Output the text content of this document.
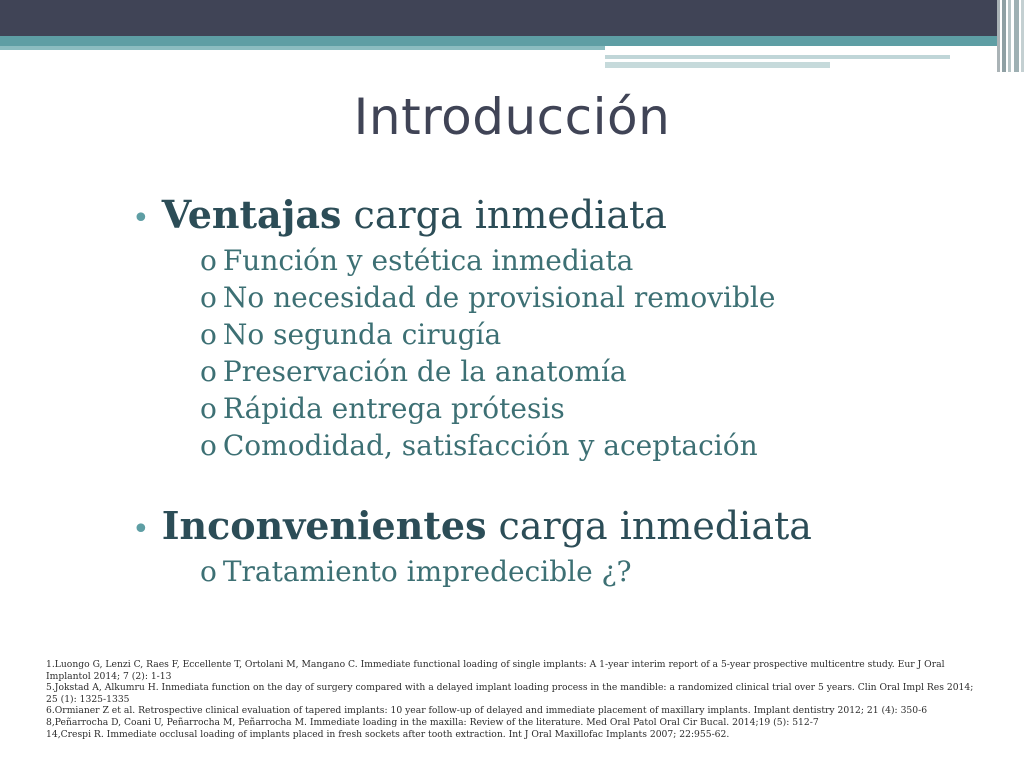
Introducción
• Ventajas carga inmediata
o Función y estética inmediata
o No necesidad de provisional removible
o No segunda cirugía
o Preservación de la anatomía
o Rápida entrega prótesis
o Comodidad, satisfacción y aceptación
• Inconvenientes carga inmediata
o Tratamiento impredecible ¿?
1.Luongo G, Lenzi C, Raes F, Eccellente T, Ortolani M, Mangano C. Immediate functional loading of single implants: A 1-year interim report of a 5-year prospective multicentre study. Eur J Oral Implantol 2014; 7 (2): 1-13
5.Jokstad A, Alkumru H. Inmediata function on the day of surgery compared with a delayed implant loading process in the mandible: a randomized clinical trial over 5 years. Clin Oral Impl Res 2014; 25 (1): 1325-1335
6.Ormianer Z et al. Retrospective clinical evaluation of tapered implants: 10 year follow-up of delayed and immediate placement of maxillary implants. Implant dentistry 2012; 21 (4): 350-6
8,Peñarrocha D, Coani U, Peñarrocha M, Peñarrocha M. Immediate loading in the maxilla: Review of the literature. Med Oral Patol Oral Cir Bucal. 2014;19 (5): 512-7
14,Crespi R. Immediate occlusal loading of implants placed in fresh sockets after tooth extraction. Int J Oral Maxillofac Implants 2007; 22:955-62.
